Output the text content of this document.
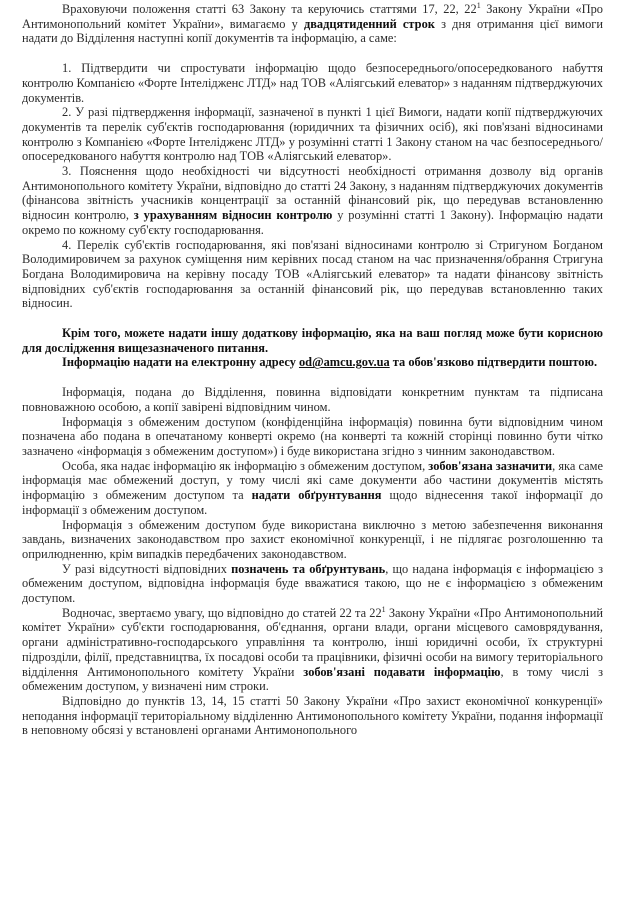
Враховуючи положення статті 63 Закону та керуючись статтями 17, 22, $22^1$ Закону України «Про Антимонопольний комітет України», вимагаємо у двадцятиденний строк з дня отримання цієї вимоги надати до Відділення наступні копії документів та інформацію, а саме:

1. Підтвердити чи спростувати інформацію щодо безпосереднього/опосередкованого набуття контролю Компанією «Форте Інтелідженс ЛТД» над ТОВ «Аліягський елеватор» з наданням підтверджуючих документів.

2. У разі підтвердження інформації, зазначеної в пункті 1 цієї Вимоги, надати копії підтверджуючих документів та перелік суб'єктів господарювання (юридичних та фізичних осіб), які пов'язані відносинами контролю з Компанією «Форте Інтелідженс ЛТД» у розумінні статті 1 Закону станом на час безпосереднього/опосередкованого набуття контролю над ТОВ «Аліягський елеватор».

3. Пояснення щодо необхідності чи відсутності необхідності отримання дозволу від органів Антимонопольного комітету України, відповідно до статті 24 Закону, з наданням підтверджуючих документів (фінансова звітність учасників концентрації за останній фінансовий рік, що передував встановленню відносин контролю, з урахуванням відносин контролю у розумінні статті 1 Закону). Інформацію надати окремо по кожному суб'єкту господарювання.

4. Перелік суб'єктів господарювання, які пов'язані відносинами контролю зі Стригуном Богданом Володимировичем за рахунок суміщення ним керівних посад станом на час призначення/обрання Стригуна Богдана Володимировича на керівну посаду ТОВ «Аліягський елеватор» та надати фінансову звітність відповідних суб'єктів господарювання за останній фінансовий рік, що передував встановленню таких відносин.

Крім того, можете надати іншу додаткову інформацію, яка на ваш погляд може бути корисною для дослідження вищезазначеного питання.

Інформацію надати на електронну адресу od@amcu.gov.ua та обов'язково підтвердити поштою.

Інформація, подана до Відділення, повинна відповідати конкретним пунктам та підписана повноважною особою, а копії завірені відповідним чином.

Інформація з обмеженим доступом (конфіденційна інформація) повинна бути відповідним чином позначена або подана в опечатаному конверті окремо (на конверті та кожній сторінці повинно бути чітко зазначено «інформація з обмеженим доступом») і буде використана згідно з чинним законодавством.

Особа, яка надає інформацію як інформацію з обмеженим доступом, зобов'язана зазначити, яка саме інформація має обмежений доступ, у тому числі які саме документи або частини документів містять інформацію з обмеженим доступом та надати обґрунтування щодо віднесення такої інформації до інформації з обмеженим доступом.

Інформація з обмеженим доступом буде використана виключно з метою забезпечення виконання завдань, визначених законодавством про захист економічної конкуренції, і не підлягає розголошенню та оприлюдненню, крім випадків передбачених законодавством.

У разі відсутності відповідних позначень та обґрунтувань, що надана інформація є інформацією з обмеженим доступом, відповідна інформація буде вважатися такою, що не є інформацією з обмеженим доступом.

Водночас, звертаємо увагу, що відповідно до статей 22 та $22^1$ Закону України «Про Антимонопольний комітет України» суб'єкти господарювання, об'єднання, органи влади, органи місцевого самоврядування, органи адміністративно-господарського управління та контролю, інші юридичні особи, їх структурні підрозділи, філії, представництва, їх посадові особи та працівники, фізичні особи на вимогу територіального відділення Антимонопольного комітету України зобов'язані подавати інформацію, в тому числі з обмеженим доступом, у визначені ним строки.

Відповідно до пунктів 13, 14, 15 статті 50 Закону України «Про захист економічної конкуренції» неподання інформації територіальному відділенню Антимонопольного комітету України, подання інформації в неповному обсязі у встановлені органами Антимонопольного
